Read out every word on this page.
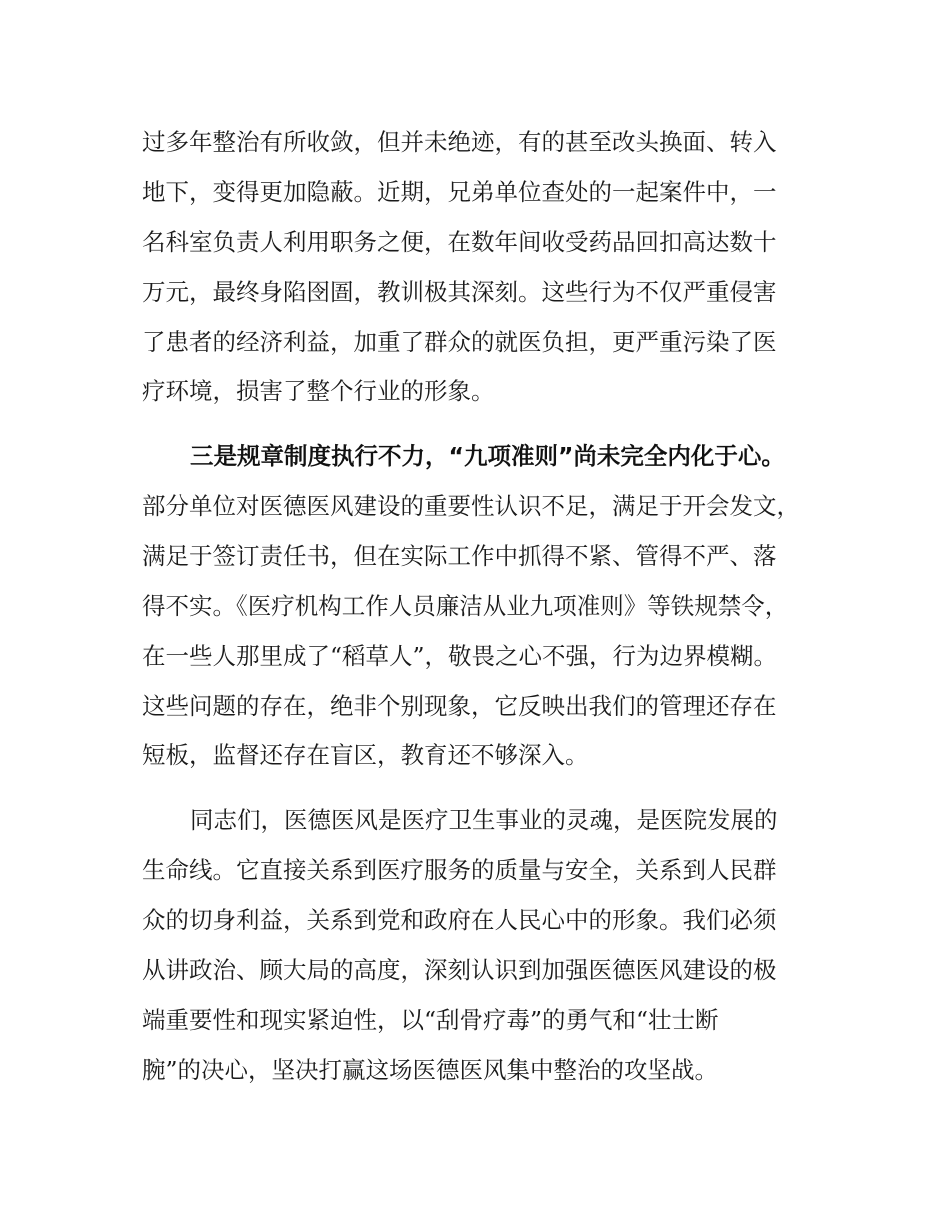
过多年整治有所收敛，但并未绝迹，有的甚至改头换面、转入
地下，变得更加隐蔽。近期，兄弟单位查处的一起案件中，一
名科室负责人利用职务之便，在数年间收受药品回扣高达数十
万元，最终身陷囹圄，教训极其深刻。这些行为不仅严重侵害
了患者的经济利益，加重了群众的就医负担，更严重污染了医
疗环境，损害了整个行业的形象。
三是规章制度执行不力，“九项准则”尚未完全内化于心。
部分单位对医德医风建设的重要性认识不足，满足于开会发文，
满足于签订责任书，但在实际工作中抓得不紧、管得不严、落
得不实。《医疗机构工作人员廉洁从业九项准则》等铁规禁令，
在一些人那里成了“稻草人”，敬畏之心不强，行为边界模糊。
这些问题的存在，绝非个别现象，它反映出我们的管理还存在
短板，监督还存在盲区，教育还不够深入。
同志们，医德医风是医疗卫生事业的灵魂，是医院发展的
生命线。它直接关系到医疗服务的质量与安全，关系到人民群
众的切身利益，关系到党和政府在人民心中的形象。我们必须
从讲政治、顾大局的高度，深刻认识到加强医德医风建设的极
端重要性和现实紧迫性，以“刮骨疗毒”的勇气和“壮士断
腕”的决心，坚决打赢这场医德医风集中整治的攻坚战。
